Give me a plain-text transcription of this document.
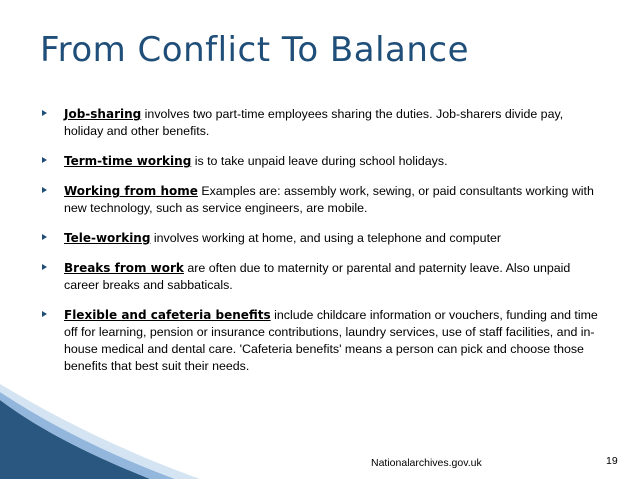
From Conflict To Balance
Job-sharing involves two part-time employees sharing the duties. Job-sharers divide pay, holiday and other benefits.
Term-time working is to take unpaid leave during school holidays.
Working from home Examples are: assembly work, sewing, or paid consultants working with new technology, such as service engineers, are mobile.
Tele-working involves working at home, and using a telephone and computer
Breaks from work are often due to maternity or parental and paternity leave. Also unpaid career breaks and sabbaticals.
Flexible and cafeteria benefits include childcare information or vouchers, funding and time off for learning, pension or insurance contributions, laundry services, use of staff facilities, and in-house medical and dental care. 'Cafeteria benefits' means a person can pick and choose those benefits that best suit their needs.
Nationalarchives.gov.uk	19
